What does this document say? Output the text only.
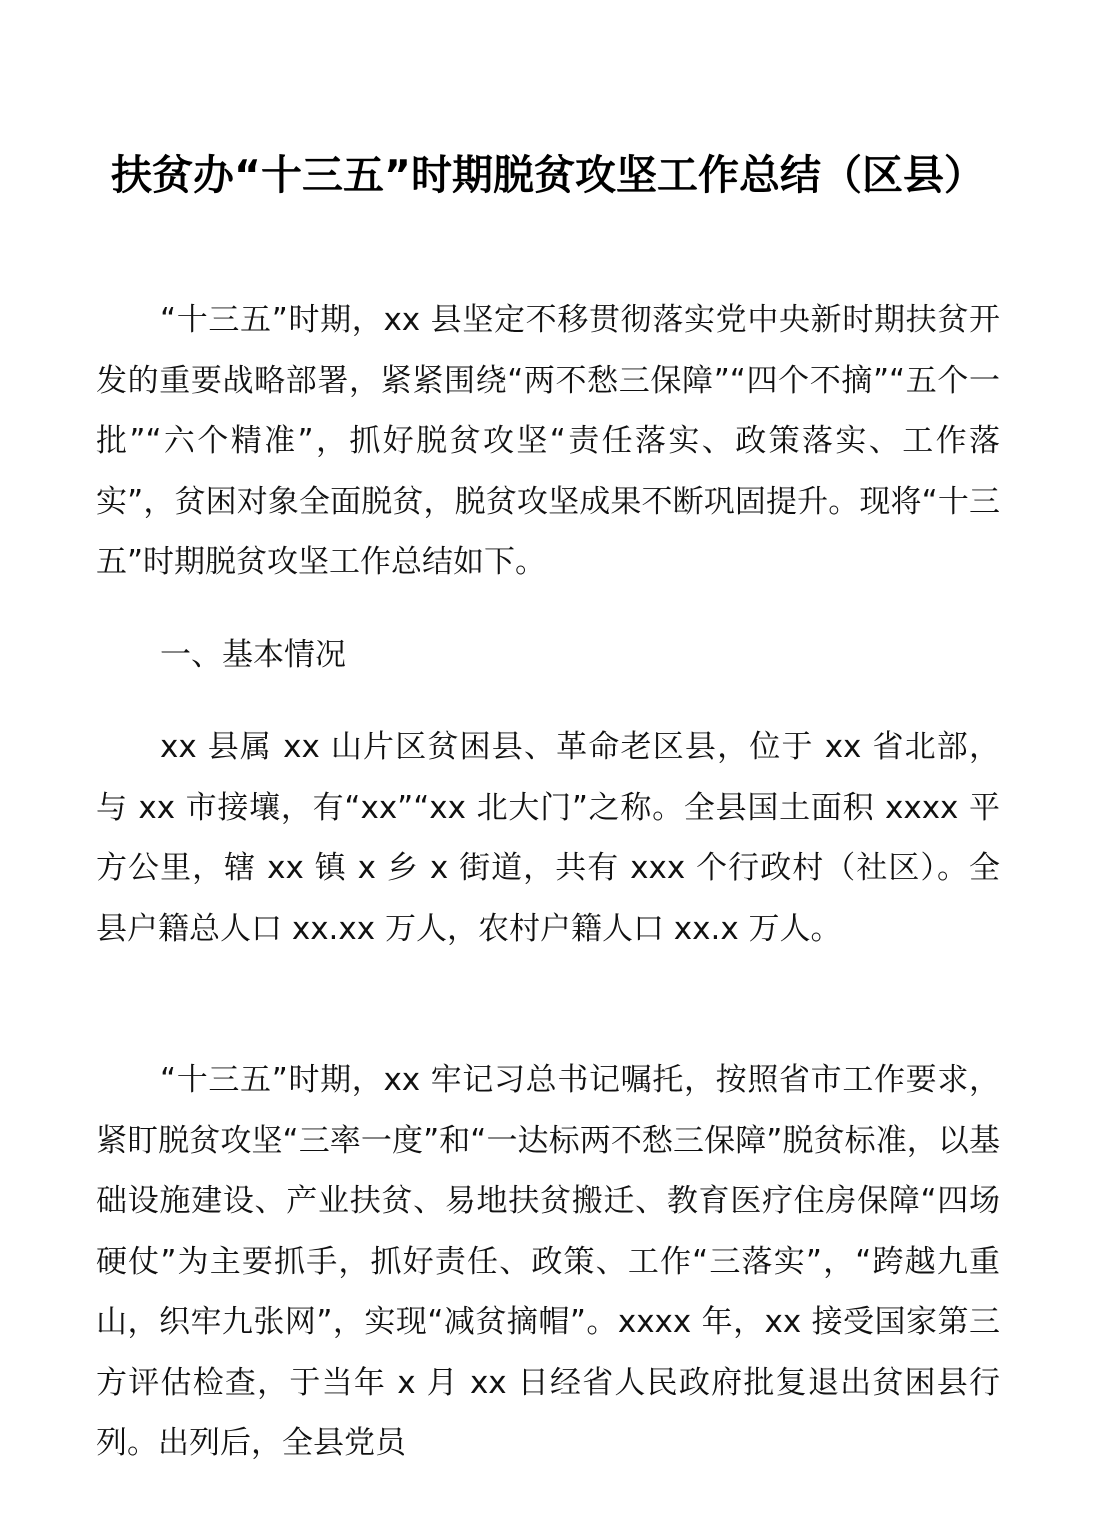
扶贫办“十三五”时期脱贫攻坚工作总结（区县）

“十三五”时期，xx 县坚定不移贯彻落实党中央新时期扶贫开发的重要战略部署，紧紧围绕“两不愁三保障”“四个不摘”“五个一批”“六个精准”，抓好脱贫攻坚“责任落实、政策落实、工作落实”，贫困对象全面脱贫，脱贫攻坚成果不断巩固提升。现将“十三五”时期脱贫攻坚工作总结如下。

一、基本情况

xx 县属 xx 山片区贫困县、革命老区县，位于 xx 省北部，与 xx 市接壤，有“xx”“xx 北大门”之称。全县国土面积 xxxx 平方公里，辖 xx 镇 x 乡 x 街道，共有 xxx 个行政村（社区）。全县户籍总人口 xx.xx 万人，农村户籍人口 xx.x 万人。

“十三五”时期，xx 牢记习总书记嘱托，按照省市工作要求，紧盯脱贫攻坚“三率一度”和“一达标两不愁三保障”脱贫标准，以基础设施建设、产业扶贫、易地扶贫搬迁、教育医疗住房保障“四场硬仗”为主要抓手，抓好责任、政策、工作“三落实”，“跨越九重山，织牢九张网”，实现“减贫摘帽”。xxxx 年，xx 接受国家第三方评估检查，于当年 x 月 xx 日经省人民政府批复退出贫困县行列。出列后，全县党员
